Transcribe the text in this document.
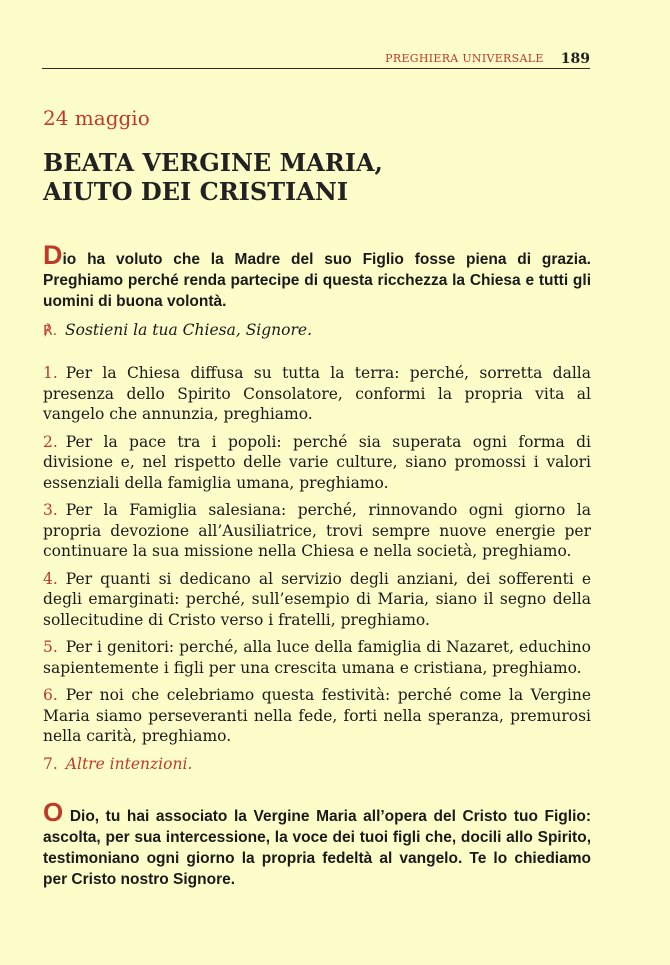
PREGHIERA UNIVERSALE 189
24 maggio
BEATA VERGINE MARIA,
AIUTO DEI CRISTIANI
Dio ha voluto che la Madre del suo Figlio fosse piena di grazia. Preghiamo perché renda partecipe di questa ricchezza la Chiesa e tutti gli uomini di buona volontà.
℟. Sostieni la tua Chiesa, Signore.

1. Per la Chiesa diffusa su tutta la terra: perché, sorretta dalla presenza dello Spirito Consolatore, conformi la propria vita al vangelo che annunzia, preghiamo.

2. Per la pace tra i popoli: perché sia superata ogni forma di divisione e, nel rispetto delle varie culture, siano promossi i valori essenziali della famiglia umana, preghiamo.

3. Per la Famiglia salesiana: perché, rinnovando ogni giorno la propria devozione all’Ausiliatrice, trovi sempre nuove energie per continuare la sua missione nella Chiesa e nella società, preghiamo.

4. Per quanti si dedicano al servizio degli anziani, dei sofferenti e degli emarginati: perché, sull’esempio di Maria, siano il segno della sollecitudine di Cristo verso i fratelli, preghiamo.

5. Per i genitori: perché, alla luce della famiglia di Nazaret, educhino sapientemente i figli per una crescita umana e cristiana, preghiamo.

6. Per noi che celebriamo questa festività: perché come la Vergine Maria siamo perseveranti nella fede, forti nella speranza, premurosi nella carità, preghiamo.

7. Altre intenzioni.

O Dio, tu hai associato la Vergine Maria all’opera del Cristo tuo Figlio: ascolta, per sua intercessione, la voce dei tuoi figli che, docili allo Spirito, testimoniano ogni giorno la propria fedeltà al vangelo. Te lo chiediamo per Cristo nostro Signore.
